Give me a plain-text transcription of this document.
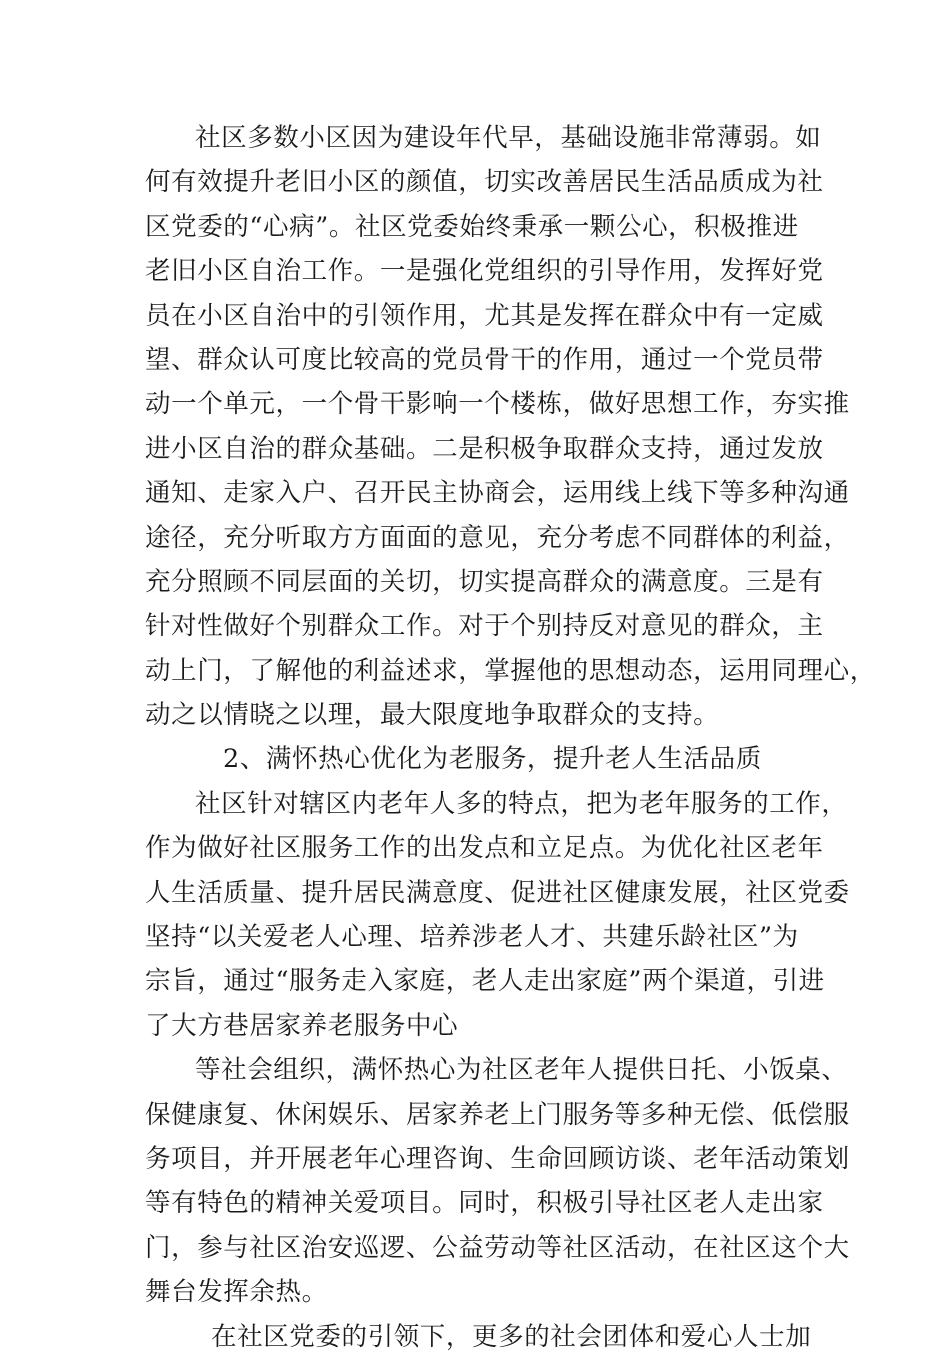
社区多数小区因为建设年代早，基础设施非常薄弱。如
何有效提升老旧小区的颜值，切实改善居民生活品质成为社
区党委的“心病”。社区党委始终秉承一颗公心，积极推进
老旧小区自治工作。一是强化党组织的引导作用，发挥好党
员在小区自治中的引领作用，尤其是发挥在群众中有一定威
望、群众认可度比较高的党员骨干的作用，通过一个党员带
动一个单元，一个骨干影响一个楼栋，做好思想工作，夯实推
进小区自治的群众基础。二是积极争取群众支持，通过发放
通知、走家入户、召开民主协商会，运用线上线下等多种沟通
途径，充分听取方方面面的意见，充分考虑不同群体的利益，
充分照顾不同层面的关切，切实提高群众的满意度。三是有
针对性做好个别群众工作。对于个别持反对意见的群众，主
动上门，了解他的利益述求，掌握他的思想动态，运用同理心，
动之以情晓之以理，最大限度地争取群众的支持。
2、满怀热心优化为老服务，提升老人生活品质
社区针对辖区内老年人多的特点，把为老年服务的工作，
作为做好社区服务工作的出发点和立足点。为优化社区老年
人生活质量、提升居民满意度、促进社区健康发展，社区党委
坚持“以关爱老人心理、培养涉老人才、共建乐龄社区”为
宗旨，通过“服务走入家庭，老人走出家庭”两个渠道，引进
了大方巷居家养老服务中心
等社会组织，满怀热心为社区老年人提供日托、小饭桌、
保健康复、休闲娱乐、居家养老上门服务等多种无偿、低偿服
务项目，并开展老年心理咨询、生命回顾访谈、老年活动策划
等有特色的精神关爱项目。同时，积极引导社区老人走出家
门，参与社区治安巡逻、公益劳动等社区活动，在社区这个大
舞台发挥余热。
在社区党委的引领下，更多的社会团体和爱心人士加
